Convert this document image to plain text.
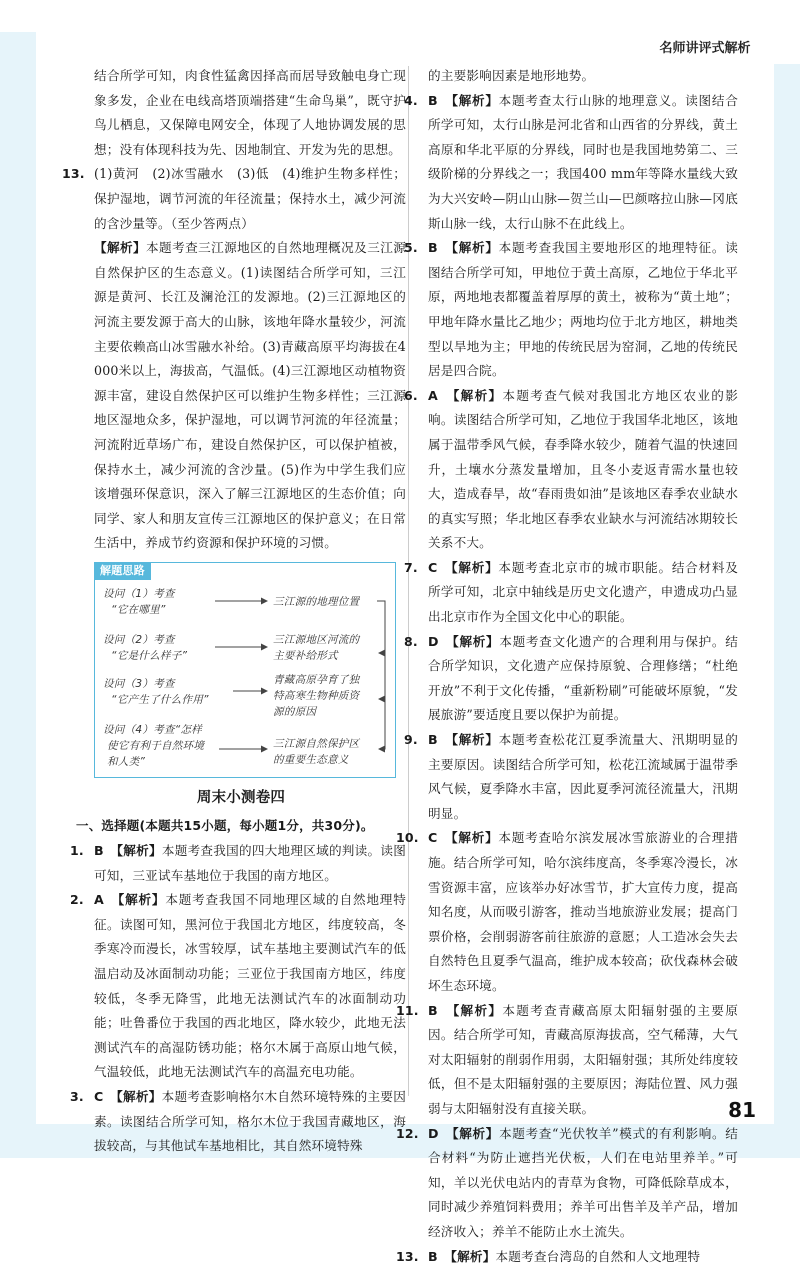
名师讲评式解析

结合所学可知，肉食性猛禽因择高而居导致触电身亡现象多发，企业在电线高塔顶端搭建“生命鸟巢”，既守护鸟儿栖息，又保障电网安全，体现了人地协调发展的思想；没有体现科技为先、因地制宜、开发为先的思想。

13. (1)黄河　(2)冰雪融水　(3)低　(4)维护生物多样性；保护湿地，调节河流的年径流量；保持水土，减少河流的含沙量等。（至少答两点）

【解析】本题考查三江源地区的自然地理概况及三江源自然保护区的生态意义。(1)读图结合所学可知，三江源是黄河、长江及澜沧江的发源地。(2)三江源地区的河流主要发源于高大的山脉，该地年降水量较少，河流主要依赖高山冰雪融水补给。(3)青藏高原平均海拔在4 000米以上，海拔高，气温低。(4)三江源地区动植物资源丰富，建设自然保护区可以维护生物多样性；三江源地区湿地众多，保护湿地，可以调节河流的年径流量；河流附近草场广布，建设自然保护区，可以保护植被，保持水土，减少河流的含沙量。(5)作为中学生我们应该增强环保意识，深入了解三江源地区的生态价值；向同学、家人和朋友宣传三江源地区的保护意义；在日常生活中，养成节约资源和保护环境的习惯。

解题思路
设问（1）考查
“它在哪里”
三江源的地理位置
设问（2）考查
“它是什么样子”
三江源地区河流的
主要补给形式
设问（3）考查
“它产生了什么作用”
青藏高原孕育了独
特高寒生物种质资
源的原因
设问（4）考查“怎样
使它有利于自然环境
和人类”
三江源自然保护区
的重要生态意义
周末小测卷四

一、选择题(本题共15小题，每小题1分，共30分)。

1. B　 【解析】本题考查我国的四大地理区域的判读。读图可知，三亚试车基地位于我国的南方地区。

2. A　 【解析】本题考查我国不同地理区域的自然地理特征。读图可知，黑河位于我国北方地区，纬度较高，冬季寒冷而漫长，冰雪较厚，试车基地主要测试汽车的低温启动及冰面制动功能；三亚位于我国南方地区，纬度较低，冬季无降雪，此地无法测试汽车的冰面制动功能；吐鲁番位于我国的西北地区，降水较少，此地无法测试汽车的高湿防锈功能；格尔木属于高原山地气候，气温较低，此地无法测试汽车的高温充电功能。

3. C　 【解析】本题考查影响格尔木自然环境特殊的主要因素。读图结合所学可知，格尔木位于我国青藏地区，海拔较高，与其他试车基地相比，其自然环境特殊

的主要影响因素是地形地势。

4. B　 【解析】本题考查太行山脉的地理意义。读图结合所学可知，太行山脉是河北省和山西省的分界线，黄土高原和华北平原的分界线，同时也是我国地势第二、三级阶梯的分界线之一；我国400 mm年等降水量线大致为大兴安岭—阴山山脉—贺兰山—巴颜喀拉山脉—冈底斯山脉一线，太行山脉不在此线上。

5. B　 【解析】本题考查我国主要地形区的地理特征。读图结合所学可知，甲地位于黄土高原，乙地位于华北平原，两地地表都覆盖着厚厚的黄土，被称为“黄土地”；甲地年降水量比乙地少；两地均位于北方地区，耕地类型以旱地为主；甲地的传统民居为窑洞，乙地的传统民居是四合院。

6. A　 【解析】本题考查气候对我国北方地区农业的影响。读图结合所学可知，乙地位于我国华北地区，该地属于温带季风气候，春季降水较少，随着气温的快速回升，土壤水分蒸发量增加，且冬小麦返青需水量也较大，造成春旱，故“春雨贵如油”是该地区春季农业缺水的真实写照；华北地区春季农业缺水与河流结冰期较长关系不大。

7. C　 【解析】本题考查北京市的城市职能。结合材料及所学可知，北京中轴线是历史文化遗产，申遗成功凸显出北京市作为全国文化中心的职能。

8. D　 【解析】本题考查文化遗产的合理利用与保护。结合所学知识，文化遗产应保持原貌、合理修缮；“杜绝开放”不利于文化传播，“重新粉刷”可能破坏原貌，“发展旅游”要适度且要以保护为前提。

9. B　 【解析】本题考查松花江夏季流量大、汛期明显的主要原因。读图结合所学可知，松花江流域属于温带季风气候，夏季降水丰富，因此夏季河流径流量大，汛期明显。

10. C　 【解析】本题考查哈尔滨发展冰雪旅游业的合理措施。结合所学可知，哈尔滨纬度高，冬季寒冷漫长，冰雪资源丰富，应该举办好冰雪节，扩大宣传力度，提高知名度，从而吸引游客，推动当地旅游业发展；提高门票价格，会削弱游客前往旅游的意愿；人工造冰会失去自然特色且夏季气温高，维护成本较高；砍伐森林会破坏生态环境。

11. B　 【解析】本题考查青藏高原太阳辐射强的主要原因。结合所学可知，青藏高原海拔高，空气稀薄，大气对太阳辐射的削弱作用弱，太阳辐射强；其所处纬度较低，但不是太阳辐射强的主要原因；海陆位置、风力强弱与太阳辐射没有直接关联。

12. D　 【解析】本题考查“光伏牧羊”模式的有利影响。结合材料“为防止遮挡光伏板，人们在电站里养羊。”可知，羊以光伏电站内的青草为食物，可降低除草成本，同时减少养殖饲料费用；养羊可出售羊及羊产品，增加经济收入；养羊不能防止水土流失。

13. B　 【解析】本题考查台湾岛的自然和人文地理特

81
